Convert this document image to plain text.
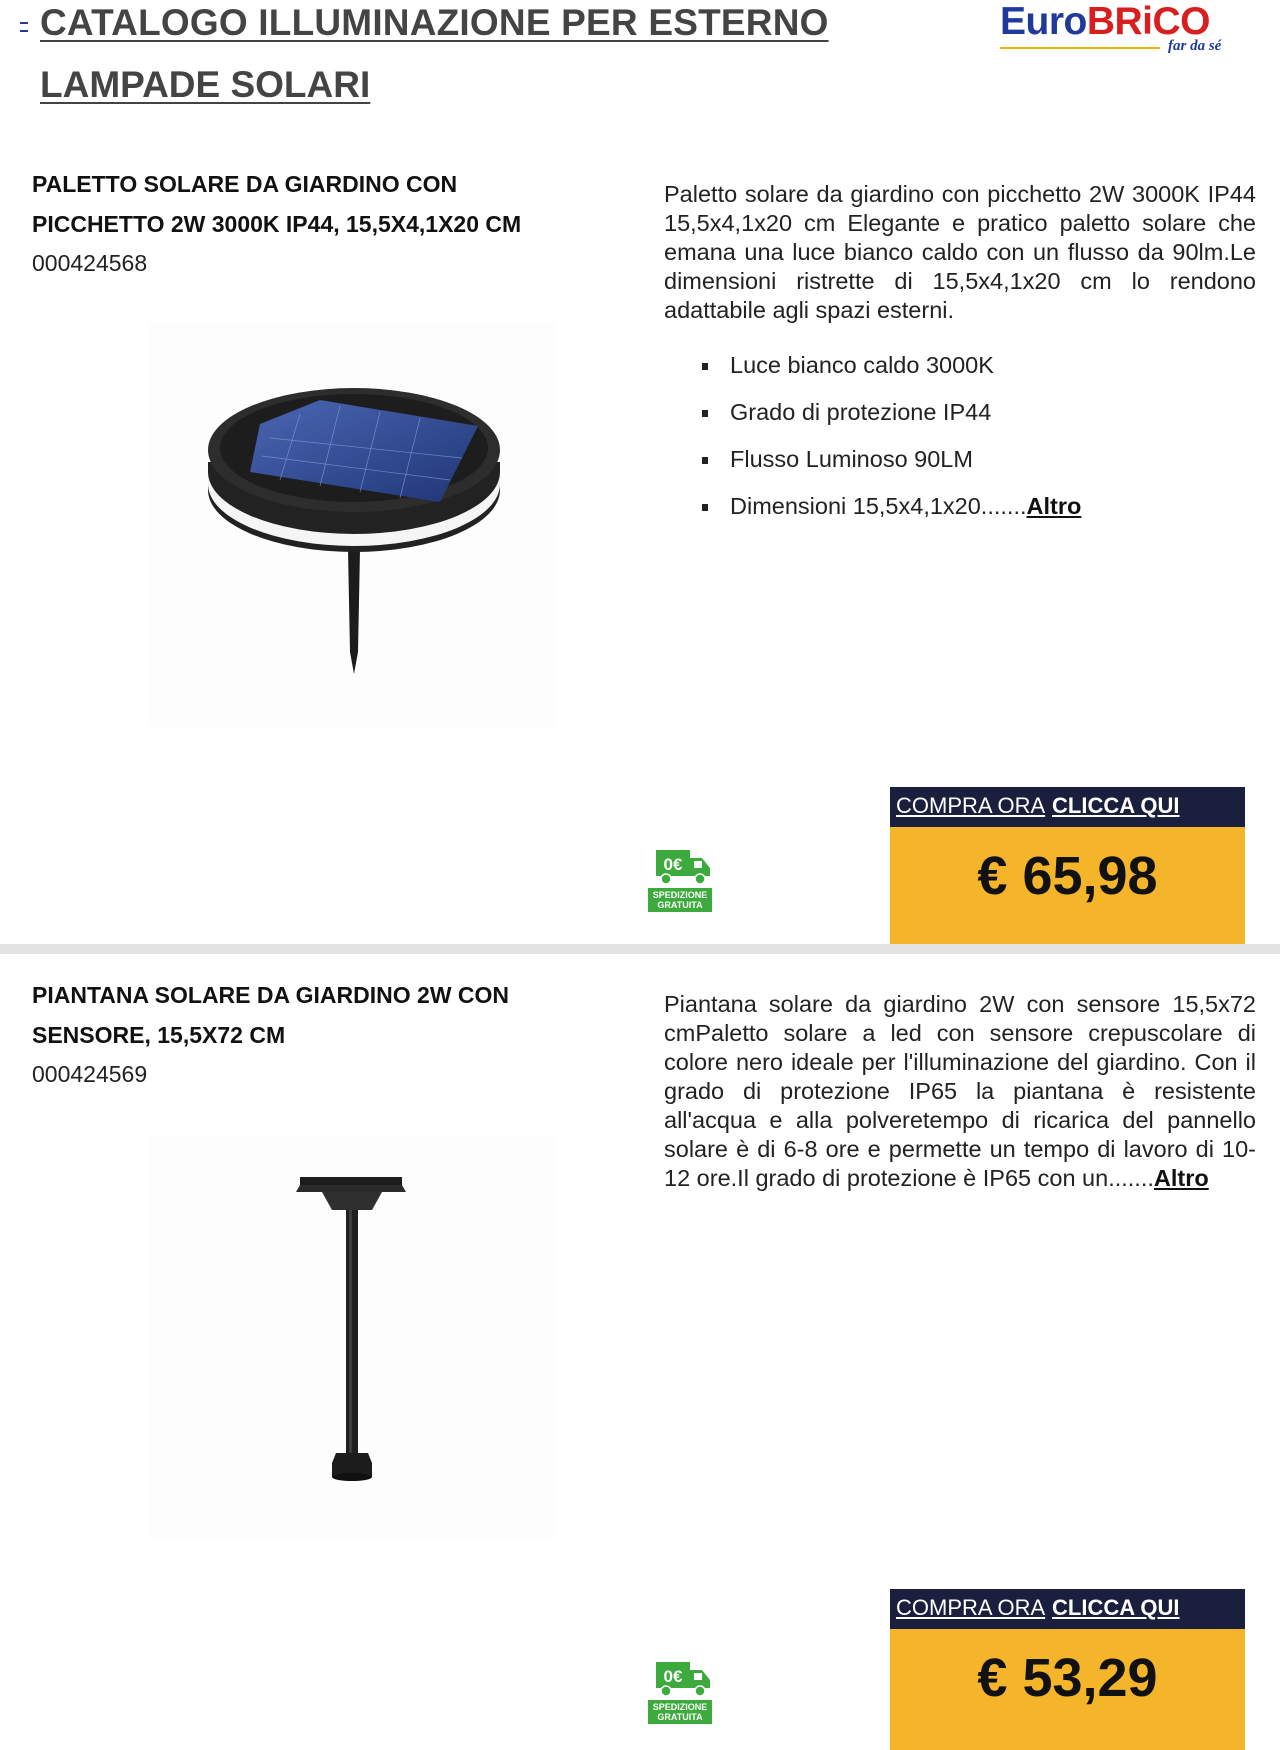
CATALOGO ILLUMINAZIONE PER ESTERNO
LAMPADE SOLARI
EuroBRiCO
far da sé
PALETTO SOLARE DA GIARDINO CON PICCHETTO 2W 3000K IP44, 15,5X4,1X20 CM
000424568
Paletto solare da giardino con picchetto 2W 3000K IP44 15,5x4,1x20 cm Elegante e pratico paletto solare che emana una luce bianco caldo con un flusso da 90lm.Le dimensioni ristrette di 15,5x4,1x20 cm lo rendono adattabile agli spazi esterni.
Luce bianco caldo 3000K
Grado di protezione IP44
Flusso Luminoso 90LM
Dimensioni 15,5x4,1x20.......Altro
0€
SPEDIZIONE
GRATUITA
COMPRA ORA CLICCA QUI
€ 65,98
PIANTANA SOLARE DA GIARDINO 2W CON SENSORE, 15,5X72 CM
000424569
Piantana solare da giardino 2W con sensore 15,5x72 cmPaletto solare a led con sensore crepuscolare di colore nero ideale per l'illuminazione del giardino. Con il grado di protezione IP65 la piantana è resistente all'acqua e alla polveretempo di ricarica del pannello solare è di 6-8 ore e permette un tempo di lavoro di 10-12 ore.Il grado di protezione è IP65 con un.......Altro
0€
SPEDIZIONE
GRATUITA
COMPRA ORA CLICCA QUI
€ 53,29
